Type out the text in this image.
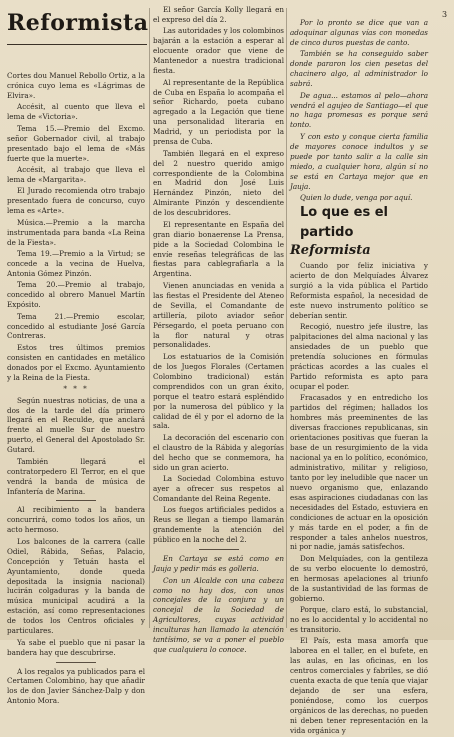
Reformista	3

Cortes dou Manuel Rebollo Ortiz, a la crónica cuyo lema es «Lágrimas de Elvira».

Accésit, al cuento que lleva el lema de «Victoria».

Tema 15.—Premio del Excmo. señor Gobernador civil, al trabajo presentado bajo el lema de «Más fuerte que la muerte».

Accésit, al trabajo que lleva el lema de «Margarita».

El Jurado recomienda otro trabajo presentado fuera de concurso, cuyo lema es «Arte».

Música.—Premio a la marcha instrumentada para banda «La Reina de la Fiesta».

Tema 19.—Premio a la Virtud; se concede a la vecina de Huelva, Antonia Gómez Pinzón.

Tema 20.—Premio al trabajo, concedido al obrero Manuel Martín Expósito.

Tema 21.—Premio escolar, concedido al estudiante José García Contreras.

Estos tres últimos premios consisten en cantidades en metálico donados por el Excmo. Ayuntamiento y la Reina de la Fiesta.

* * *

Según nuestras noticias, de una a dos de la tarde del día primero llegará en el Reculde, que anclará frente al muelle Sur de nuestro puerto, el General del Apostolado Sr. Gutard.

También llegará el contratorpedero El Terror, en el que vendrá la banda de música de Infantería de Marina.

Al recibimiento a la bandera concurrirá, como todos los años, un acto hermoso.

Los balcones de la carrera (calle Odiel, Rábida, Señas, Palacio, Concepción y Tetuán hasta el Ayuntamiento, donde queda depositada la insignia nacional) lucirán colgaduras y la banda de música municipal acudirá a la estación, así como representaciones de todos los Centros oficiales y particulares.

Ya sabe el pueblo que ni pasar la bandera hay que descubrirse.

A los regalos ya publicados para el Certamen Colombino, hay que añadir los de don Javier Sánchez-Dalp y don Antonio Mora.

El señor García Kolly llegará en el expreso del día 2.

Las autoridades y los colombinos bajarán a la estación a esperar al elocuente orador que viene de Mantenedor a nuestra tradicional fiesta.

Al representante de la República de Cuba en España lo acompaña el señor Richardo, poeta cubano agregado a la Legación que tiene una personalidad literaria en Madrid, y un periodista por la prensa de Cuba.

También llegará en el expreso del 2 nuestro querido amigo correspondiente de la Colombina en Madrid don José Luis Hernández Pinzón, nieto del Almirante Pinzón y descendiente de los descubridores.

El representante en España del gran diario bonaerense La Prensa, pide a la Sociedad Colombina le envíe reseñas telegráficas de las fiestas para cablegrafiarla a la Argentina.

Vienen anunciadas en venida a las fiestas el Presidente del Ateneo de Sevilla, el Comandante de artillería, piloto aviador señor Pérsegardo, el poeta peruano con la flor natural y otras personalidades.

Los estatuarios de la Comisión de los Juegos Florales (Certamen Colombino tradicional) están comprendidos con un gran éxito, porque el teatro estará espléndido por la numerosa del público y la calidad de él y por el adorno de la sala.

La decoración del escenario con el claustro de la Rábida y alegorías del hecho que se conmemora, ha sido un gran acierto.

La Sociedad Colombina estuvo ayer a ofrecer sus respetos al Comandante del Reina Regente.

Los fuegos artificiales pedidos a Reus se llegan a tiempo llamarán grandemente la atención del público en la noche del 2.

En Cartaya se está como en Jauja y pedir más es golleria.

Con un Alcalde con una cabeza como no hay dos, con unos concejales de la conjura y un concejal de la Sociedad de Agricultores, cuyas actividad inculturas han llamado la atención tantísimo, se va a poner el pueblo que cualquiera lo conoce.

Por lo pronto se dice que van a adoquinar algunas vías con monedas de cinco duros puestas de canto.

También se ha conseguido saber donde pararon los cien pesetas del chacinero algo, al administrador lo sabrá.

De agua... estamos al pelo—ahora vendrá el agujeo de Santiago—el que no haga promesas es porque será tonto.

Y con esto y conque cierta familia de mayores conoce indultos y se puede por tanto salir a la calle sin miedo, a cualquier hora, algún sí no se está en Cartaya mejor que en Jauja.

Quien lo dude, venga por aquí.

Lo que es el

partido Reformista

Cuando por feliz iniciativa y acierto de don Melquíades Álvarez surgió a la vida pública el Partido Reformista español, la necesidad de este nuevo instrumento político se deberían sentir.

Recogió, nuestro jefe ilustre, las palpitaciones del alma nacional y las ansiedades de un pueblo que pretendía soluciones en fórmulas prácticas acordes a las cuales el Partido reformista es apto para ocupar el poder.

Fracasados y en entredicho los partidos del régimen; hallados los hombres más preeminentes de las diversas fracciones republicanas, sin orientaciones positivas que fueran la base de un resurgimiento de la vida nacional ya en lo político, económico, administrativo, militar y religioso, tanto por ley ineludible que nacer un nuevo organismo que, enlazando esas aspiraciones ciudadanas con las necesidades del Estado, estuviera en condiciones de actuar en la oposición y más tarde en el poder, a fin de responder a tales anhelos nuestros, ni por nadie, jamás satisfechos.

Don Melquíades, con la gentileza de su verbo elocuente lo demostró, en hermosas apelaciones al triunfo de la sustantividad de las formas de gobierno.

Porque, claro está, lo substancial, no es lo accidental y lo accidental no es transitorio.

El País, esta masa amorfa que laborea en el taller, en el bufete, en las aulas, en las oficinas, en los centros comerciales y fabriles, se dió cuenta exacta de que tenía que viajar dejando de ser una esfera, poniéndose, como los cuerpos orgánicos de las derechas, no pueden ni deben tener representación en la vida orgánica y
